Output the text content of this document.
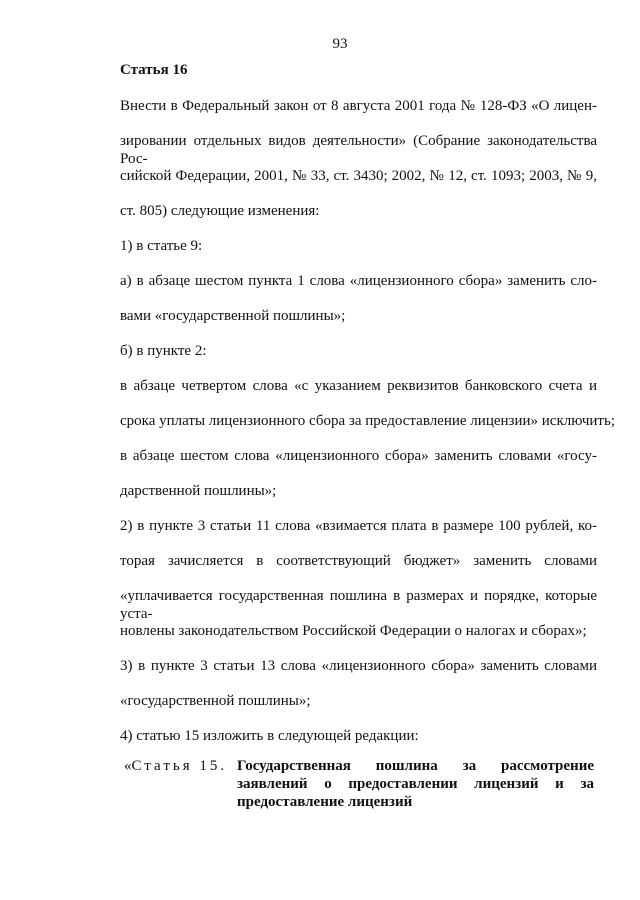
93
Статья 16
Внести в Федеральный закон от 8 августа 2001 года № 128-ФЗ «О лицен-
зировании отдельных видов деятельности» (Собрание законодательства Рос-
сийской Федерации, 2001, № 33, ст. 3430; 2002, № 12, ст. 1093; 2003, № 9,
ст. 805) следующие изменения:
1) в статье 9:
а) в абзаце шестом пункта 1 слова «лицензионного сбора» заменить сло-
вами «государственной пошлины»;
б) в пункте 2:
в абзаце четвертом слова «с указанием реквизитов банковского счета и
срока уплаты лицензионного сбора за предоставление лицензии» исключить;
в абзаце шестом слова «лицензионного сбора» заменить словами «госу-
дарственной пошлины»;
2) в пункте 3 статьи 11 слова «взимается плата в размере 100 рублей, ко-
торая зачисляется в соответствующий бюджет» заменить словами
«уплачивается государственная пошлина в размерах и порядке, которые уста-
новлены законодательством Российской Федерации о налогах и сборах»;
3) в пункте 3 статьи 13 слова «лицензионного сбора» заменить словами
«государственной пошлины»;
4) статью 15 изложить в следующей редакции:
«Статья 15. Государственная пошлина за рассмотрение
заявлений о предоставлении лицензий и за
предоставление лицензий
